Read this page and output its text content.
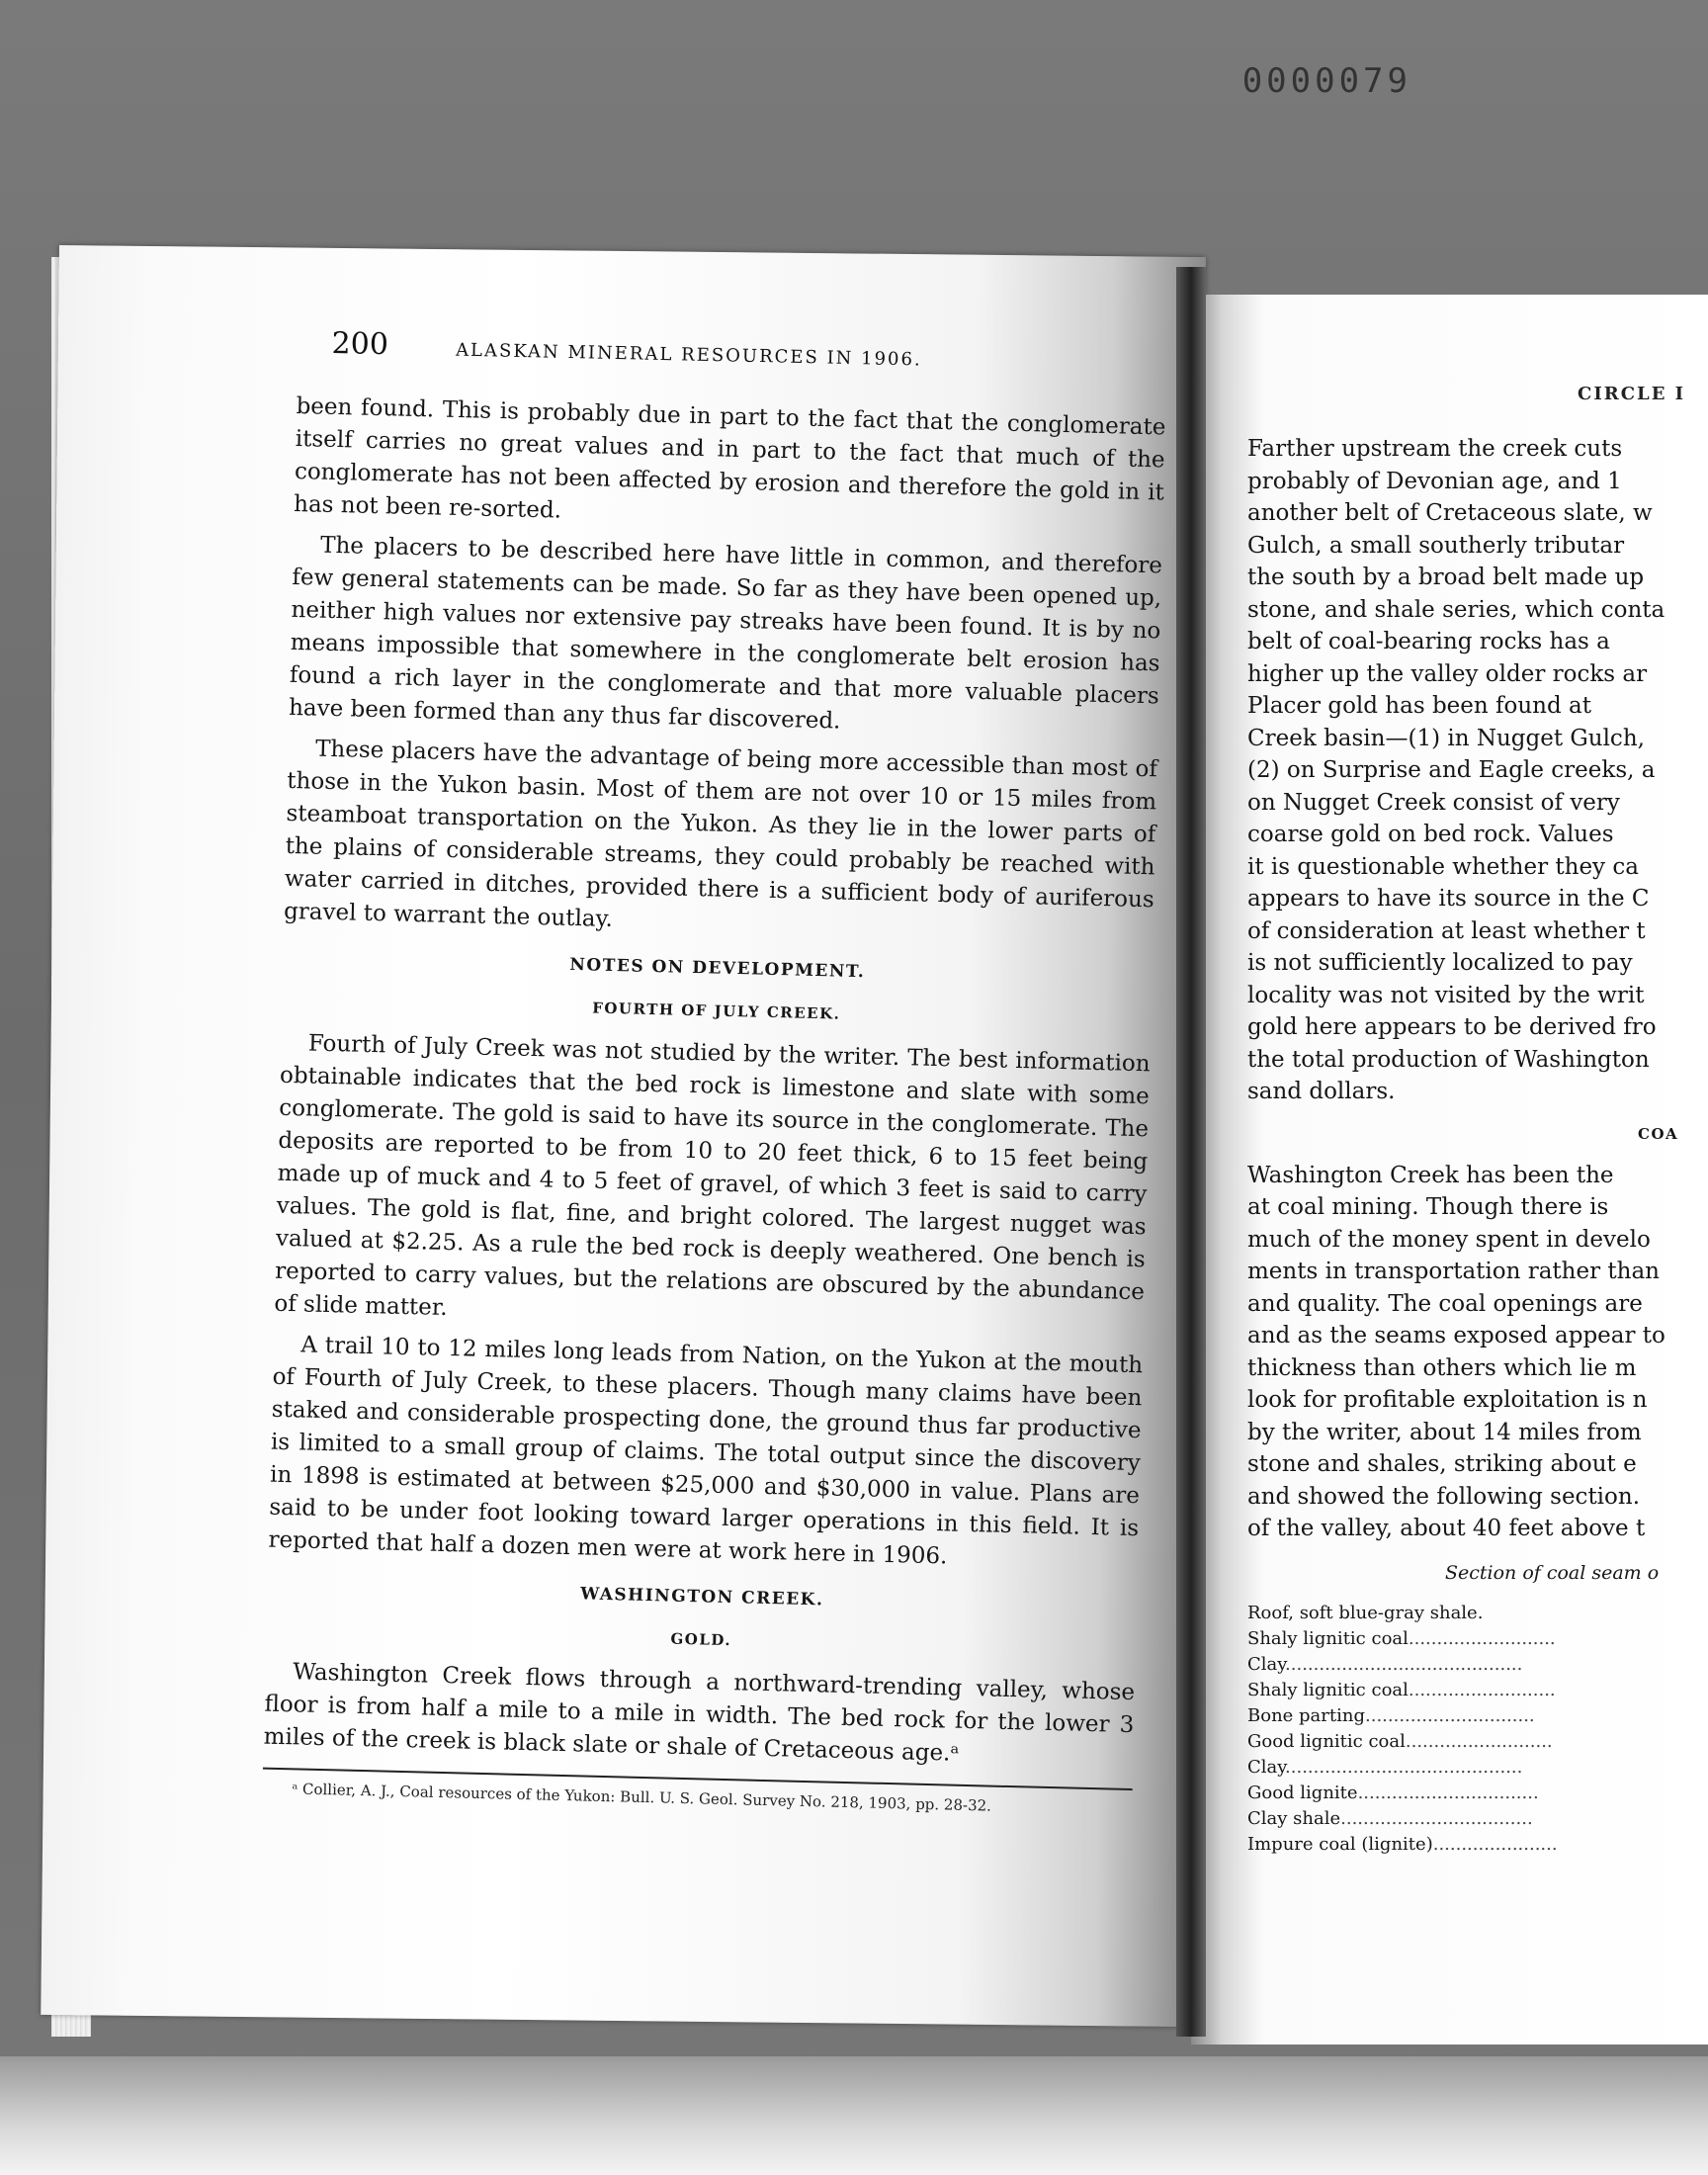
0000079
200	ALASKAN MINERAL RESOURCES IN 1906.

been found. This is probably due in part to the fact that the conglomerate itself carries no great values and in part to the fact that much of the conglomerate has not been affected by erosion and therefore the gold in it has not been re-sorted.

The placers to be described here have little in common, and therefore few general statements can be made. So far as they have been opened up, neither high values nor extensive pay streaks have been found. It is by no means impossible that somewhere in the conglomerate belt erosion has found a rich layer in the conglomerate and that more valuable placers have been formed than any thus far discovered.

These placers have the advantage of being more accessible than most of those in the Yukon basin. Most of them are not over 10 or 15 miles from steamboat transportation on the Yukon. As they lie in the lower parts of the plains of considerable streams, they could probably be reached with water carried in ditches, provided there is a sufficient body of auriferous gravel to warrant the outlay.

NOTES ON DEVELOPMENT.
FOURTH OF JULY CREEK.

Fourth of July Creek was not studied by the writer. The best information obtainable indicates that the bed rock is limestone and slate with some conglomerate. The gold is said to have its source in the conglomerate. The deposits are reported to be from 10 to 20 feet thick, 6 to 15 feet being made up of muck and 4 to 5 feet of gravel, of which 3 feet is said to carry values. The gold is flat, fine, and bright colored. The largest nugget was valued at $2.25. As a rule the bed rock is deeply weathered. One bench is reported to carry values, but the relations are obscured by the abundance of slide matter.

A trail 10 to 12 miles long leads from Nation, on the Yukon at the mouth of Fourth of July Creek, to these placers. Though many claims have been staked and considerable prospecting done, the ground thus far productive is limited to a small group of claims. The total output since the discovery in 1898 is estimated at between $25,000 and $30,000 in value. Plans are said to be under foot looking toward larger operations in this field. It is reported that half a dozen men were at work here in 1906.

WASHINGTON CREEK.
GOLD.

Washington Creek flows through a northward-trending valley, whose floor is from half a mile to a mile in width. The bed rock for the lower 3 miles of the creek is black slate or shale of Cretaceous age.ᵃ

ᵃ Collier, A. J., Coal resources of the Yukon: Bull. U. S. Geol. Survey No. 218, 1903, pp. 28-32.
CIRCLE I
Farther upstream the creek cuts
probably of Devonian age, and 1
another belt of Cretaceous slate, w
Gulch, a small southerly tributar
the south by a broad belt made up
stone, and shale series, which conta
belt of coal-bearing rocks has a
higher up the valley older rocks ar
Placer gold has been found at
Creek basin—(1) in Nugget Gulch,
(2) on Surprise and Eagle creeks, a
on Nugget Creek consist of very
coarse gold on bed rock. Values
it is questionable whether they ca
appears to have its source in the C
of consideration at least whether t
is not sufficiently localized to pay
locality was not visited by the writ
gold here appears to be derived fro
the total production of Washington
sand dollars.
COA
Washington Creek has been the
at coal mining. Though there is
much of the money spent in develo
ments in transportation rather than
and quality. The coal openings are
and as the seams exposed appear to
thickness than others which lie m
look for profitable exploitation is n
by the writer, about 14 miles from
stone and shales, striking about e
and showed the following section.
of the valley, about 40 feet above t
Section of coal seam o
Roof, soft blue-gray shale.
Shaly lignitic coal..........................
Clay..........................................
Shaly lignitic coal..........................
Bone parting..............................
Good lignitic coal..........................
Clay..........................................
Good lignite................................
Clay shale..................................
Impure coal (lignite)......................
